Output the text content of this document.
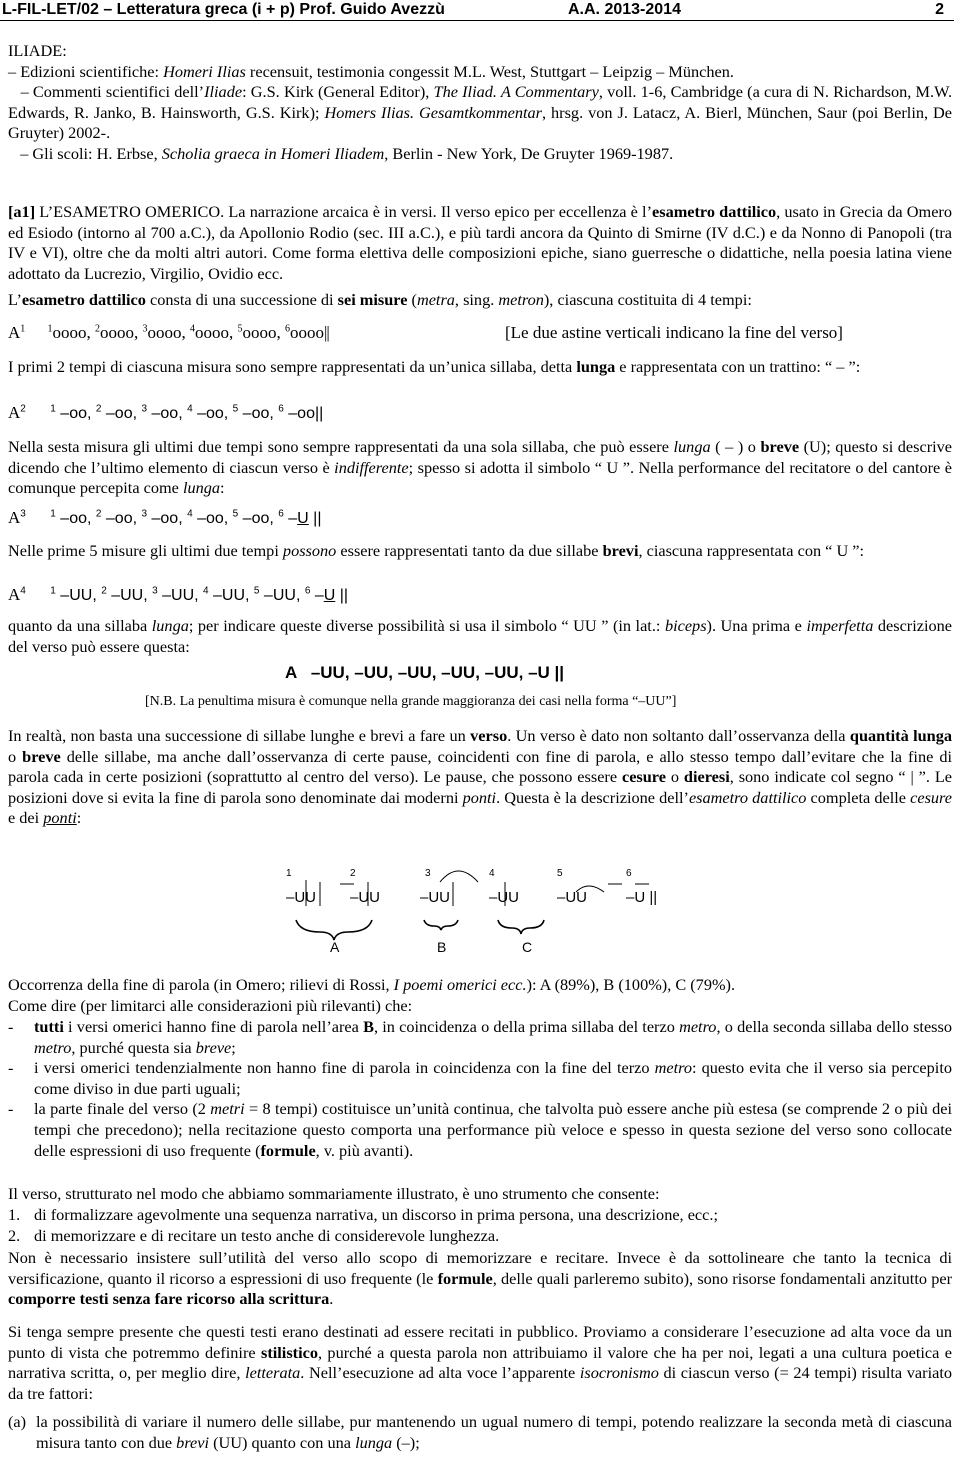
L-FIL-LET/02 – Letteratura greca (i + p) Prof. Guido Avezzù	A.A. 2013-2014	2
ILIADE:
– Edizioni scientifiche: Homeri Ilias recensuit, testimonia congessit M.L. West, Stuttgart – Leipzig – München.
– Commenti scientifici dell’Iliade: G.S. Kirk (General Editor), The Iliad. A Commentary, voll. 1-6, Cambridge (a cura di N. Richardson, M.W. Edwards, R. Janko, B. Hainsworth, G.S. Kirk); Homers Ilias. Gesamtkommentar, hrsg. von J. Latacz, A. Bierl, München, Saur (poi Berlin, De Gruyter) 2002-.
– Gli scoli: H. Erbse, Scholia graeca in Homeri Iliadem, Berlin - New York, De Gruyter 1969-1987.
[a1] L’ESAMETRO OMERICO. La narrazione arcaica è in versi. Il verso epico per eccellenza è l’esametro dattilico, usato in Grecia da Omero ed Esiodo (intorno al 700 a.C.), da Apollonio Rodio (sec. III a.C.), e più tardi ancora da Quinto di Smirne (IV d.C.) e da Nonno di Panopoli (tra IV e VI), oltre che da molti altri autori. Come forma elettiva delle composizioni epiche, siano guerresche o didattiche, nella poesia latina viene adottato da Lucrezio, Virgilio, Ovidio ecc.
L’esametro dattilico consta di una successione di sei misure (metra, sing. metron), ciascuna costituita di 4 tempi:
$A^1$ $^1$oooo, $^2$oooo, $^3$oooo, $^4$oooo, $^5$oooo, $^6$oooo||	[Le due astine verticali indicano la fine del verso]
I primi 2 tempi di ciascuna misura sono sempre rappresentati da un’unica sillaba, detta lunga e rappresentata con un trattino: “ – ”:
$A^2$ $^1$ –oo, $^2$ –oo, $^3$ –oo, $^4$ –oo, $^5$ –oo, $^6$ –oo||
Nella sesta misura gli ultimi due tempi sono sempre rappresentati da una sola sillaba, che può essere lunga ( – ) o breve (U); questo si descrive dicendo che l’ultimo elemento di ciascun verso è indifferente; spesso si adotta il simbolo “ U ”. Nella performance del recitatore o del cantore è comunque percepita come lunga:
$A^3$ $^1$ –oo, $^2$ –oo, $^3$ –oo, $^4$ –oo, $^5$ –oo, $^6$ –U ||
Nelle prime 5 misure gli ultimi due tempi possono essere rappresentati tanto da due sillabe brevi, ciascuna rappresentata con “ U ”:
$A^4$ $^1$ –UU, $^2$ –UU, $^3$ –UU, $^4$ –UU, $^5$ –UU, $^6$ –U ||
quanto da una sillaba lunga; per indicare queste diverse possibilità si usa il simbolo “ UU ” (in lat.: biceps). Una prima e imperfetta descrizione del verso può essere questa:
A   –UU, –UU, –UU, –UU, –UU, –U ||
[N.B. La penultima misura è comunque nella grande maggioranza dei casi nella forma “–UU”]
In realtà, non basta una successione di sillabe lunghe e brevi a fare un verso. Un verso è dato non soltanto dall’osservanza della quantità lunga o breve delle sillabe, ma anche dall’osservanza di certe pause, coincidenti con fine di parola, e allo stesso tempo dall’evitare che la fine di parola cada in certe posizioni (soprattutto al centro del verso). Le pause, che possono essere cesure o dieresi, sono indicate col segno “ | ”. Le posizioni dove si evita la fine di parola sono denominate dai moderni ponti. Questa è la descrizione dell’esametro dattilico completa delle cesure e dei ponti:
1	2	3	4	5	6
–UU –UU	–UU	–UU	–UU	–U ||
A	B	C
Occorrenza della fine di parola (in Omero; rilievi di Rossi, I poemi omerici ecc.): A (89%), B (100%), C (79%).
Come dire (per limitarci alle considerazioni più rilevanti) che:
-	tutti i versi omerici hanno fine di parola nell’area B, in coincidenza o della prima sillaba del terzo metro, o della seconda sillaba dello stesso metro, purché questa sia breve;
-	i versi omerici tendenzialmente non hanno fine di parola in coincidenza con la fine del terzo metro: questo evita che il verso sia percepito come diviso in due parti uguali;
-	la parte finale del verso (2 metri = 8 tempi) costituisce un’unità continua, che talvolta può essere anche più estesa (se comprende 2 o più dei tempi che precedono); nella recitazione questo comporta una performance più veloce e spesso in questa sezione del verso sono collocate delle espressioni di uso frequente (formule, v. più avanti).
Il verso, strutturato nel modo che abbiamo sommariamente illustrato, è uno strumento che consente:
1. di formalizzare agevolmente una sequenza narrativa, un discorso in prima persona, una descrizione, ecc.;
2. di memorizzare e di recitare un testo anche di considerevole lunghezza.
Non è necessario insistere sull’utilità del verso allo scopo di memorizzare e recitare. Invece è da sottolineare che tanto la tecnica di versificazione, quanto il ricorso a espressioni di uso frequente (le formule, delle quali parleremo subito), sono risorse fondamentali anzitutto per comporre testi senza fare ricorso alla scrittura.
Si tenga sempre presente che questi testi erano destinati ad essere recitati in pubblico. Proviamo a considerare l’esecuzione ad alta voce da un punto di vista che potremmo definire stilistico, purché a questa parola non attribuiamo il valore che ha per noi, legati a una cultura poetica e narrativa scritta, o, per meglio dire, letterata. Nell’esecuzione ad alta voce l’apparente isocronismo di ciascun verso (= 24 tempi) risulta variato da tre fattori:
(a) la possibilità di variare il numero delle sillabe, pur mantenendo un ugual numero di tempi, potendo realizzare la seconda metà di ciascuna misura tanto con due brevi (UU) quanto con una lunga (–);
